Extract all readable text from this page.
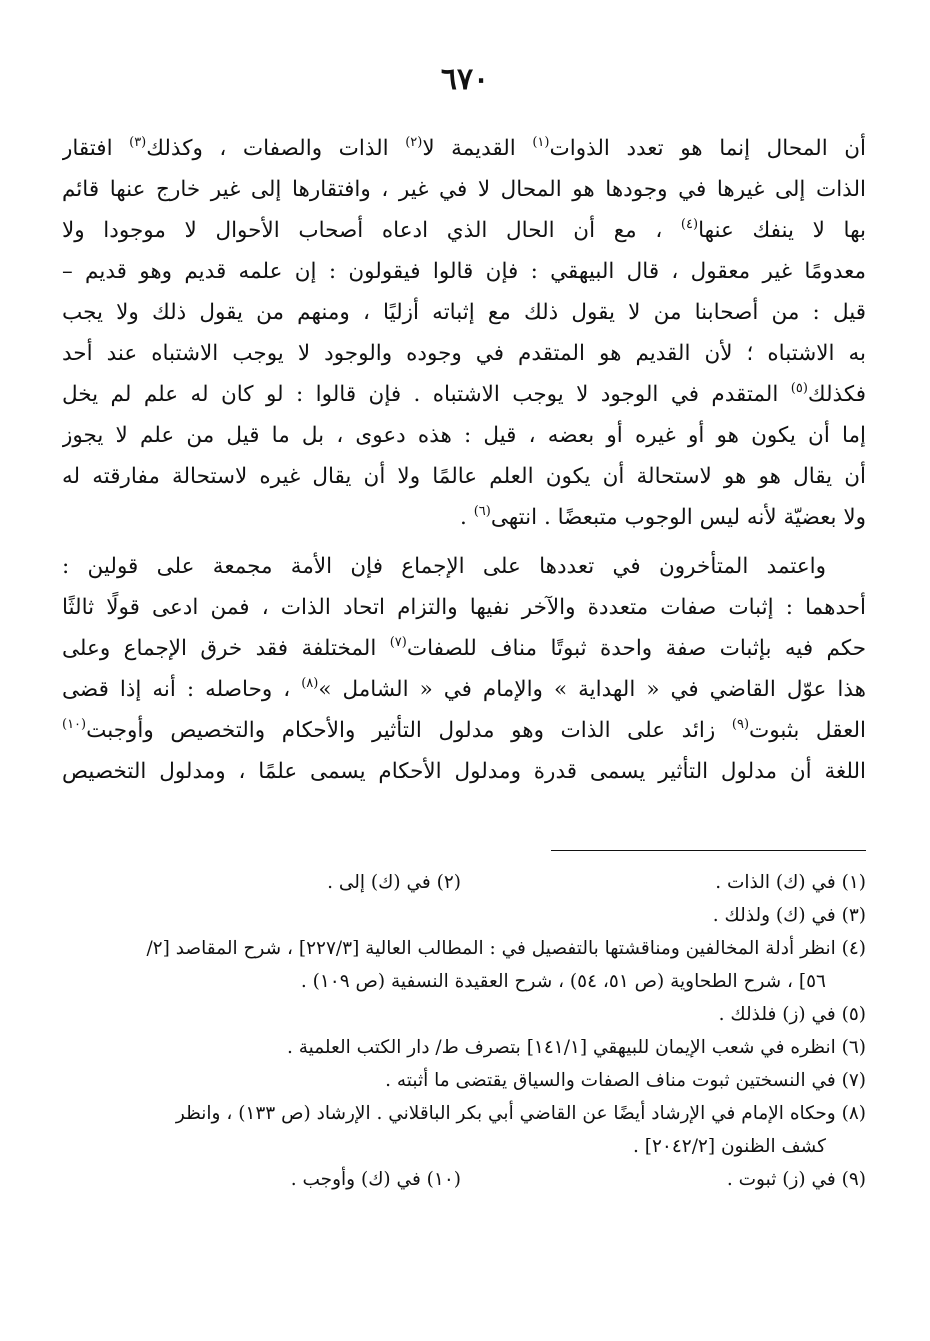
٦٧٠
أن المحال إنما هو تعدد الذوات$^{(١)}$ القديمة لا$^{(٢)}$ الذات والصفات ، وكذلك$^{(٣)}$ افتقار
الذات إلى غيرها في وجودها هو المحال لا في غير ، وافتقارها إلى غير خارج عنها قائم
بها لا ينفك عنها$^{(٤)}$ ، مع أن الحال الذي ادعاه أصحاب الأحوال لا موجودا ولا
معدومًا غير معقول ، قال البيهقي : فإن قالوا فيقولون : إن علمه قديم وهو قديم –
قيل : من أصحابنا من لا يقول ذلك مع إثباته أزليًا ، ومنهم من يقول ذلك ولا يجب
به الاشتباه ؛ لأن القديم هو المتقدم في وجوده والوجود لا يوجب الاشتباه عند أحد
فكذلك$^{(٥)}$ المتقدم في الوجود لا يوجب الاشتباه . فإن قالوا : لو كان له علم لم يخل
إما أن يكون هو أو غيره أو بعضه ، قيل : هذه دعوى ، بل ما قيل من علم لا يجوز
أن يقال هو هو لاستحالة أن يكون العلم عالمًا ولا أن يقال غيره لاستحالة مفارقته له
ولا بعضيّة لأنه ليس الوجوب متبعضًا . انتهى$^{(٦)}$ .
واعتمد المتأخرون في تعددها على الإجماع فإن الأمة مجمعة على قولين :
أحدهما : إثبات صفات متعددة والآخر نفيها والتزام اتحاد الذات ، فمن ادعى قولًا ثالثًا
حكم فيه بإثبات صفة واحدة ثبوتًا مناف للصفات$^{(٧)}$ المختلفة فقد خرق الإجماع وعلى
هذا عوّل القاضي في « الهداية » والإمام في « الشامل »$^{(٨)}$ ، وحاصله : أنه إذا قضى
العقل بثبوت$^{(٩)}$ زائد على الذات وهو مدلول التأثير والأحكام والتخصيص وأوجبت$^{(١٠)}$
اللغة أن مدلول التأثير يسمى قدرة ومدلول الأحكام يسمى علمًا ، ومدلول التخصيص
(١) في (ك) الذات .
(٢) في (ك) إلى .
(٣) في (ك) ولذلك .
(٤) انظر أدلة المخالفين ومناقشتها بالتفصيل في : المطالب العالية [٢٢٧/٣] ، شرح المقاصد [٢/
٥٦] ، شرح الطحاوية (ص ٥١، ٥٤) ، شرح العقيدة النسفية (ص ١٠٩) .
(٥) في (ز) فلذلك .
(٦) انظره في شعب الإيمان للبيهقي [١٤١/١] بتصرف ط/ دار الكتب العلمية .
(٧) في النسختين ثبوت مناف الصفات والسياق يقتضى ما أثبته .
(٨) وحكاه الإمام في الإرشاد أيضًا عن القاضي أبي بكر الباقلاني . الإرشاد (ص ١٣٣) ، وانظر
كشف الظنون [٢٠٤٢/٢] .
(٩) في (ز) ثبوت .
(١٠) في (ك) وأوجب .
